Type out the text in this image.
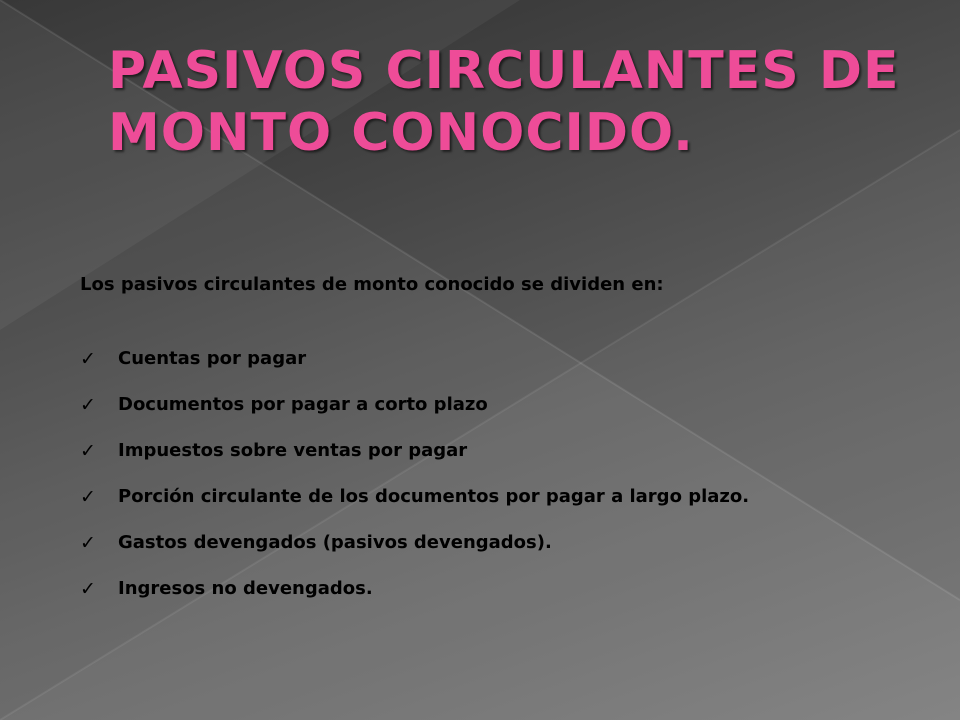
PASIVOS CIRCULANTES DE MONTO CONOCIDO.

Los pasivos circulantes de monto conocido se dividen en:

✓	Cuentas por pagar
✓	Documentos por pagar a corto plazo
✓	Impuestos sobre ventas por pagar
✓	Porción circulante de los documentos por pagar a largo plazo.
✓	Gastos devengados (pasivos devengados).
✓	Ingresos no devengados.
